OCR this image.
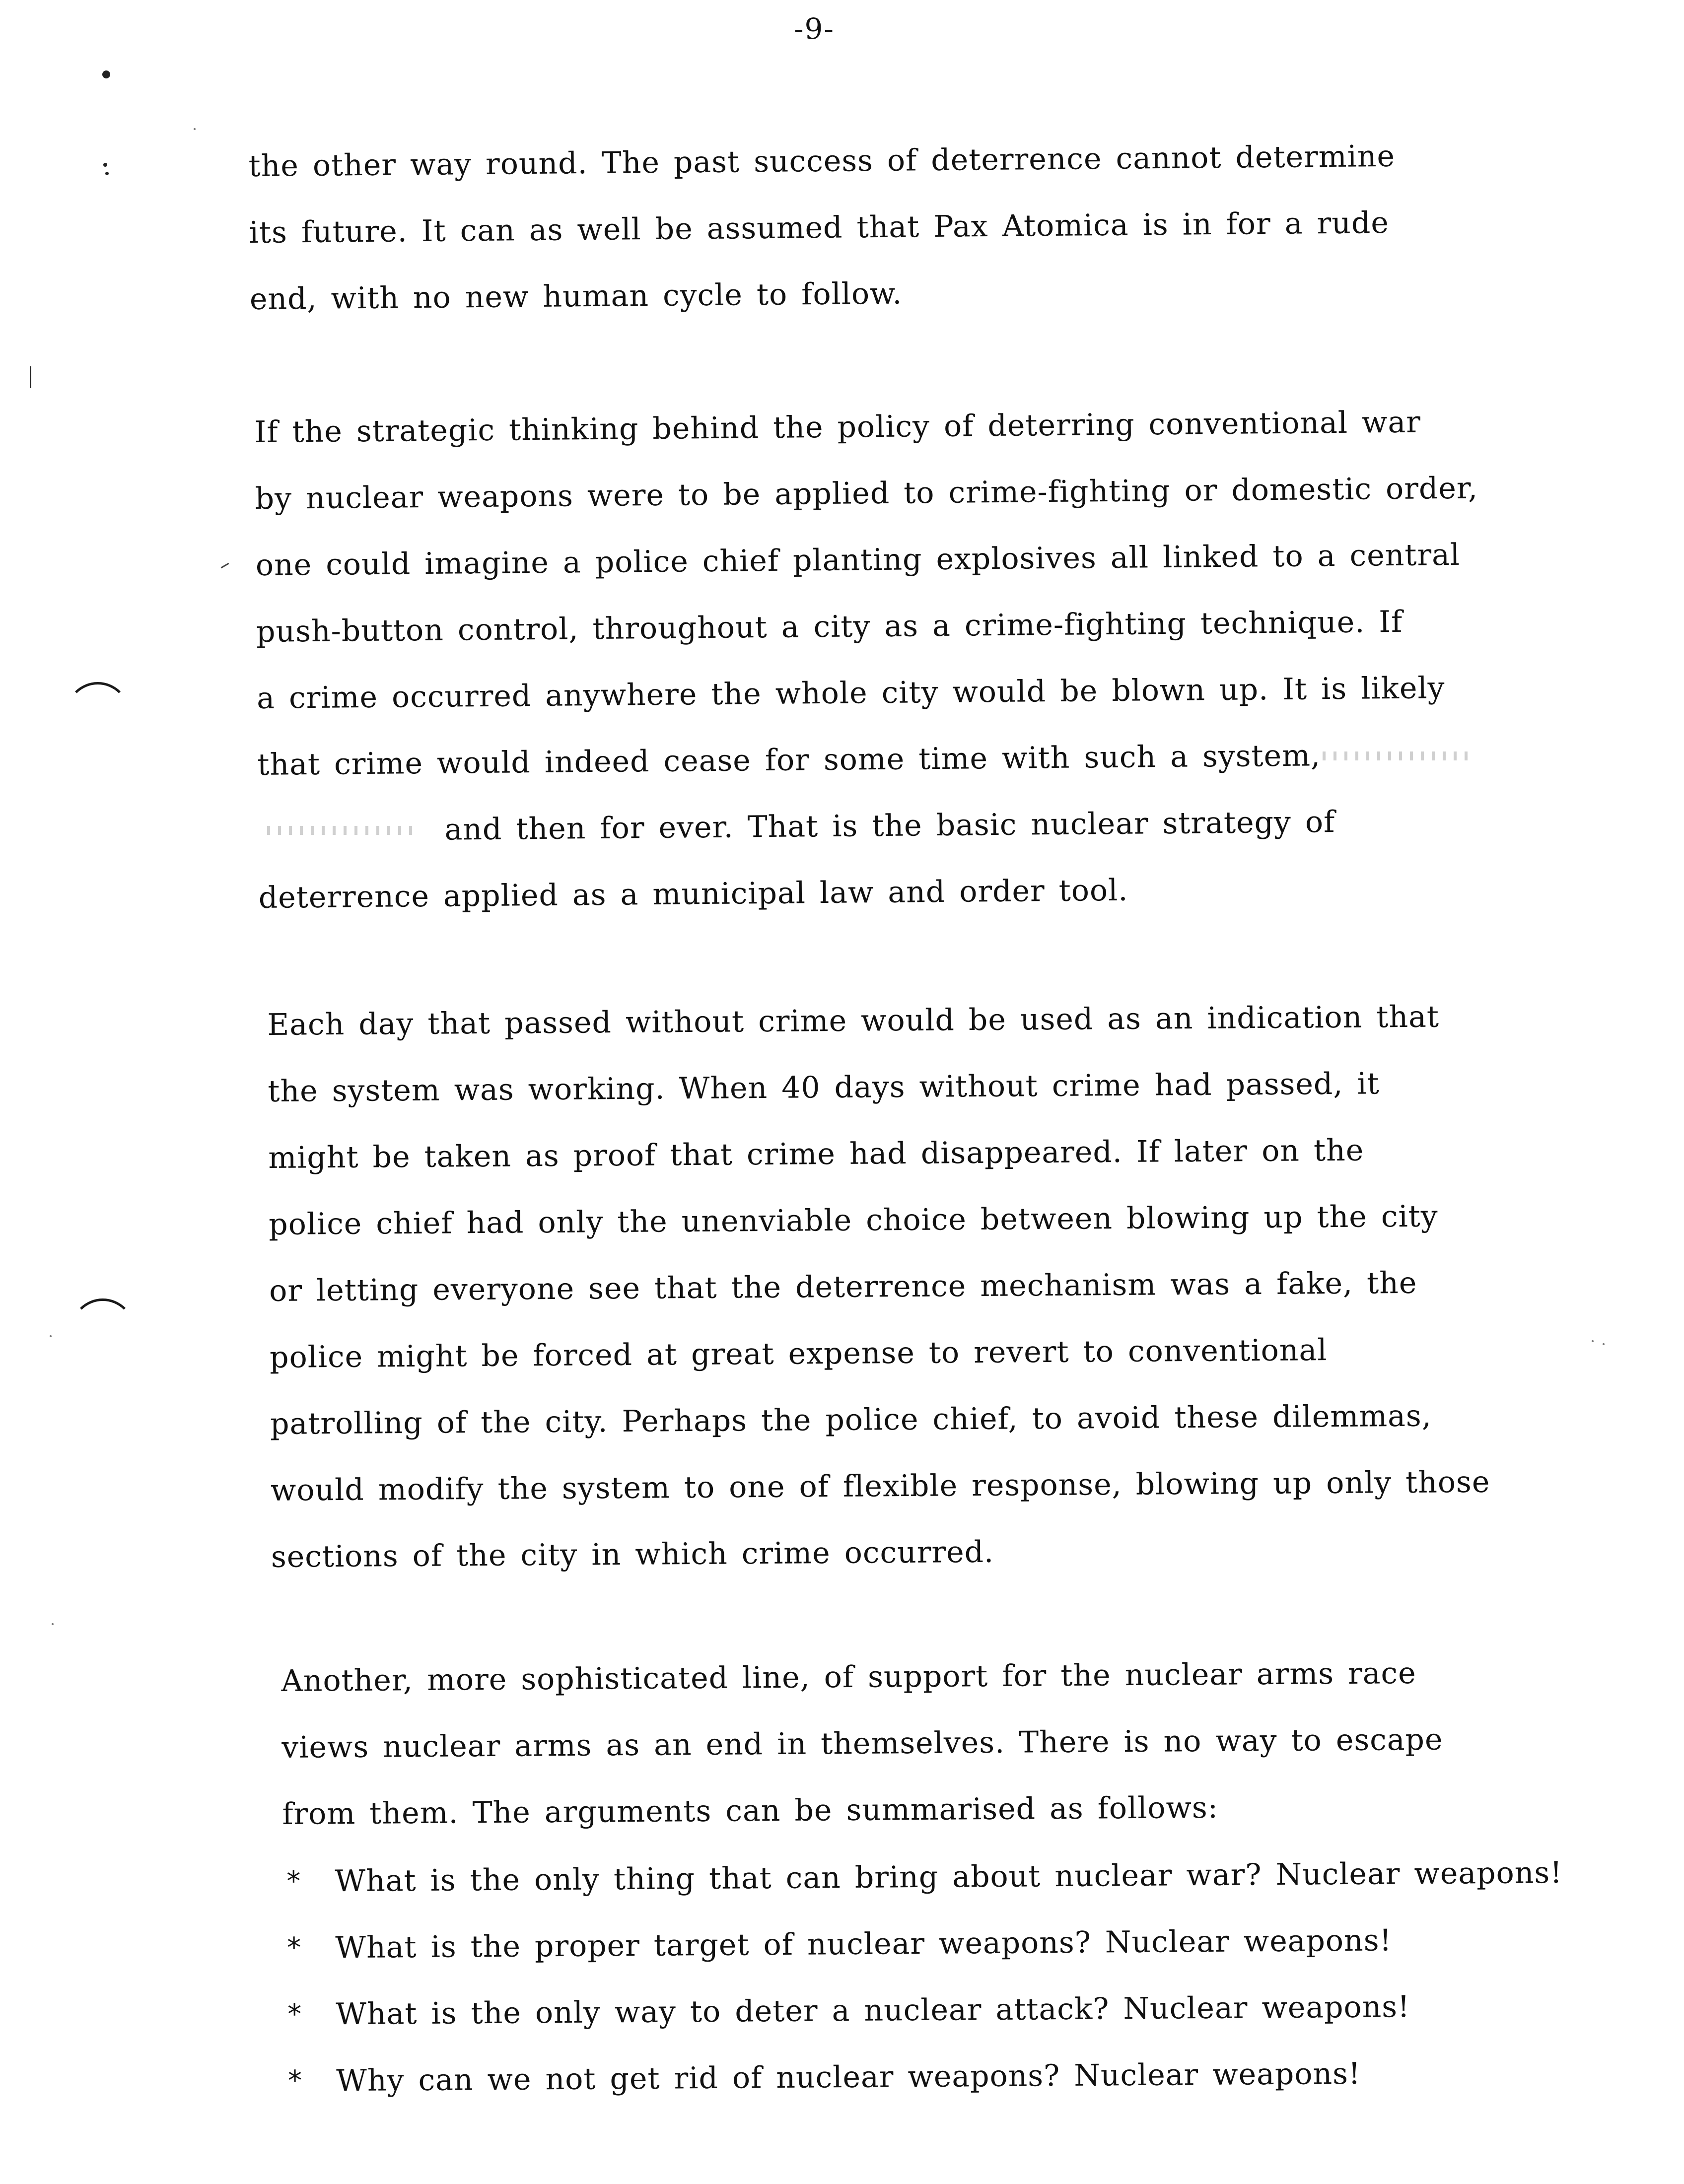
-9-

the other way round. The past success of deterrence cannot determine
its future. It can as well be assumed that Pax Atomica is in for a rude
end, with no new human cycle to follow.

If the strategic thinking behind the policy of deterring conventional war
by nuclear weapons were to be applied to crime-fighting or domestic order,
one could imagine a police chief planting explosives all linked to a central
push-button control, throughout a city as a crime-fighting technique. If
a crime occurred anywhere the whole city would be blown up. It is likely
that crime would indeed cease for some time with such a system,
and then for ever. That is the basic nuclear strategy of
deterrence applied as a municipal law and order tool.

Each day that passed without crime would be used as an indication that
the system was working. When 40 days without crime had passed, it
might be taken as proof that crime had disappeared. If later on the
police chief had only the unenviable choice between blowing up the city
or letting everyone see that the deterrence mechanism was a fake, the
police might be forced at great expense to revert to conventional
patrolling of the city. Perhaps the police chief, to avoid these dilemmas,
would modify the system to one of flexible response, blowing up only those
sections of the city in which crime occurred.

Another, more sophisticated line, of support for the nuclear arms race
views nuclear arms as an end in themselves. There is no way to escape
from them. The arguments can be summarised as follows:

* What is the only thing that can bring about nuclear war? Nuclear weapons!
* What is the proper target of nuclear weapons? Nuclear weapons!
* What is the only way to deter a nuclear attack? Nuclear weapons!
* Why can we not get rid of nuclear weapons? Nuclear weapons!
